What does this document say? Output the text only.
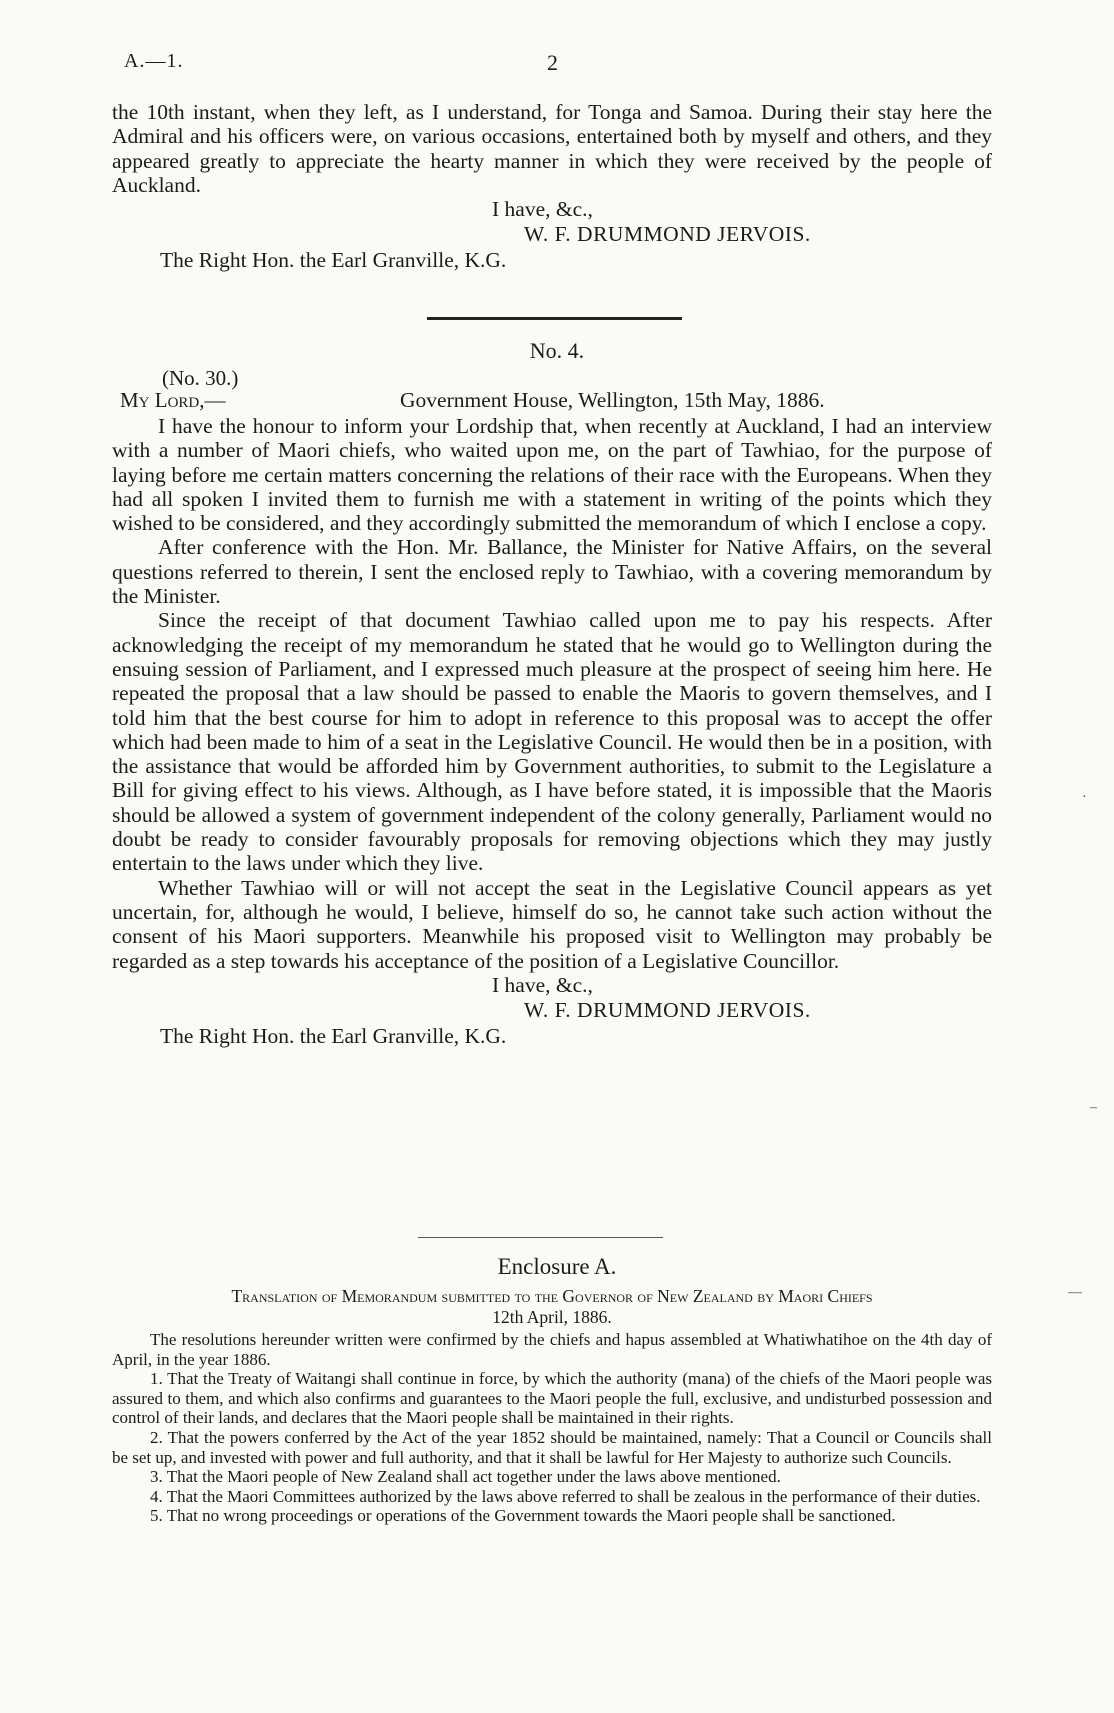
A.—1.	2

the 10th instant, when they left, as I understand, for Tonga and Samoa. During their stay here the Admiral and his officers were, on various occasions, entertained both by myself and others, and they appeared greatly to appreciate the hearty manner in which they were received by the people of Auckland.

I have, &c.,
W. F. DRUMMOND JERVOIS.
The Right Hon. the Earl Granville, K.G.
No. 4.
(No. 30.)
My Lord,—	Government House, Wellington, 15th May, 1886.

I have the honour to inform your Lordship that, when recently at Auckland, I had an interview with a number of Maori chiefs, who waited upon me, on the part of Tawhiao, for the purpose of laying before me certain matters concerning the relations of their race with the Europeans. When they had all spoken I invited them to furnish me with a statement in writing of the points which they wished to be considered, and they accordingly submitted the memorandum of which I enclose a copy.

After conference with the Hon. Mr. Ballance, the Minister for Native Affairs, on the several questions referred to therein, I sent the enclosed reply to Tawhiao, with a covering memorandum by the Minister.

Since the receipt of that document Tawhiao called upon me to pay his respects. After acknowledging the receipt of my memorandum he stated that he would go to Wellington during the ensuing session of Parliament, and I expressed much pleasure at the prospect of seeing him here. He repeated the proposal that a law should be passed to enable the Maoris to govern themselves, and I told him that the best course for him to adopt in reference to this proposal was to accept the offer which had been made to him of a seat in the Legislative Council. He would then be in a position, with the assistance that would be afforded him by Government authorities, to submit to the Legislature a Bill for giving effect to his views. Although, as I have before stated, it is impossible that the Maoris should be allowed a system of government independent of the colony generally, Parliament would no doubt be ready to consider favourably proposals for removing objections which they may justly entertain to the laws under which they live.

Whether Tawhiao will or will not accept the seat in the Legislative Council appears as yet uncertain, for, although he would, I believe, himself do so, he cannot take such action without the consent of his Maori supporters. Meanwhile his proposed visit to Wellington may probably be regarded as a step towards his acceptance of the position of a Legislative Councillor.

I have, &c.,
W. F. DRUMMOND JERVOIS.
The Right Hon. the Earl Granville, K.G.
Enclosure A.
Translation of Memorandum submitted to the Governor of New Zealand by Maori Chiefs
12th April, 1886.

The resolutions hereunder written were confirmed by the chiefs and hapus assembled at Whatiwhatihoe on the 4th day of April, in the year 1886.

1. That the Treaty of Waitangi shall continue in force, by which the authority (mana) of the chiefs of the Maori people was assured to them, and which also confirms and guarantees to the Maori people the full, exclusive, and undisturbed possession and control of their lands, and declares that the Maori people shall be maintained in their rights.

2. That the powers conferred by the Act of the year 1852 should be maintained, namely: That a Council or Councils shall be set up, and invested with power and full authority, and that it shall be lawful for Her Majesty to authorize such Councils.

3. That the Maori people of New Zealand shall act together under the laws above mentioned.

4. That the Maori Committees authorized by the laws above referred to shall be zealous in the performance of their duties.

5. That no wrong proceedings or operations of the Government towards the Maori people shall be sanctioned.

·
–
—
